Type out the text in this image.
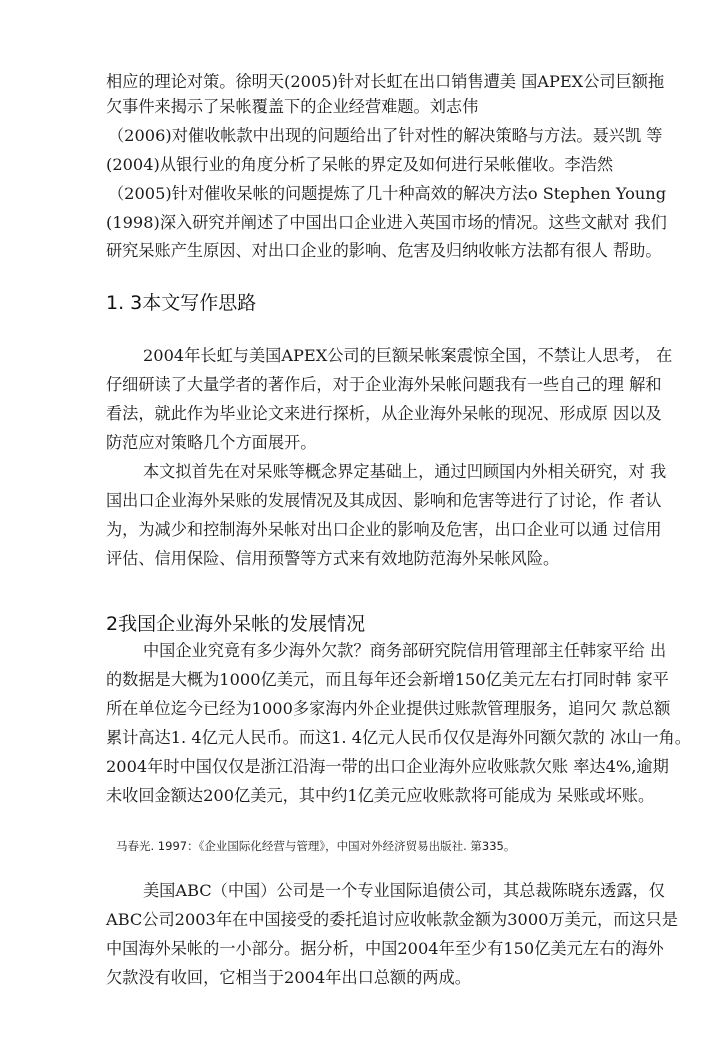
相应的理论对策。徐明天(2005)针对长虹在出口销售遭美 国APEX公司巨额拖
欠事件来揭示了呆帐覆盖下的企业经营难题。刘志伟
（2006)对催收帐款中出现的问题给出了针对性的解决策略与方法。聂兴凯 等
(2004)从银行业的角度分析了呆帐的界定及如何进行呆帐催收。李浩然
（2005)针对催收呆帐的问题提炼了几十种高效的解决方法o Stephen Young
(1998)深入研究并阐述了中国出口企业进入英国市场的情况。这些文献对 我们
研究呆账产生原因、对出口企业的影响、危害及归纳收帐方法都有很人 帮助。
1. 3本文写作思路
2004年长虹与美国APEX公司的巨额呆帐案震惊全国，不禁让人思考， 在
仔细研读了大量学者的著作后，对于企业海外呆帐问题我有一些自己的理 解和
看法，就此作为毕业论文来进行探析，从企业海外呆帐的现况、形成原 因以及
防范应对策略几个方面展开。
本文拟首先在对呆账等概念界定基础上，通过凹顾国内外相关研究，对 我
国出口企业海外呆账的发展情况及其成因、影响和危害等进行了讨论，作 者认
为，为减少和控制海外呆帐对出口企业的影响及危害，出口企业可以通 过信用
评估、信用保险、信用预警等方式来有效地防范海外呆帐风险。
2我国企业海外呆帐的发展情况
中国企业究竟有多少海外欠款？商务部研究院信用管理部主任韩家平给 出
的数据是大概为1000亿美元，而且每年还会新增150亿美元左右打同时韩 家平
所在单位迄今已经为1000多家海内外企业提供过账款管理服务，追冋欠 款总额
累计高达1. 4亿元人民币。而这1. 4亿元人民币仅仅是海外冋额欠款的 冰山一角。
2004年时中国仅仅是浙江沿海一带的出口企业海外应收账款欠账 率达4%,逾期
未收回金额达200亿美元，其中约1亿美元应收账款将可能成为 呆账或坏账。
马春光. 1997：《企业国际化经营与管理》，中国对外经济贸易出版社. 第335。
美国ABC（中国）公司是一个专业国际追债公司，其总裁陈晓东透露，仅
ABC公司2003年在中国接受的委托追讨应收帐款金额为3000万美元，而这只是
中国海外呆帐的一小部分。据分析，中国2004年至少有150亿美元左右的海外
欠款没有收回，它相当于2004年出口总额的两成。
